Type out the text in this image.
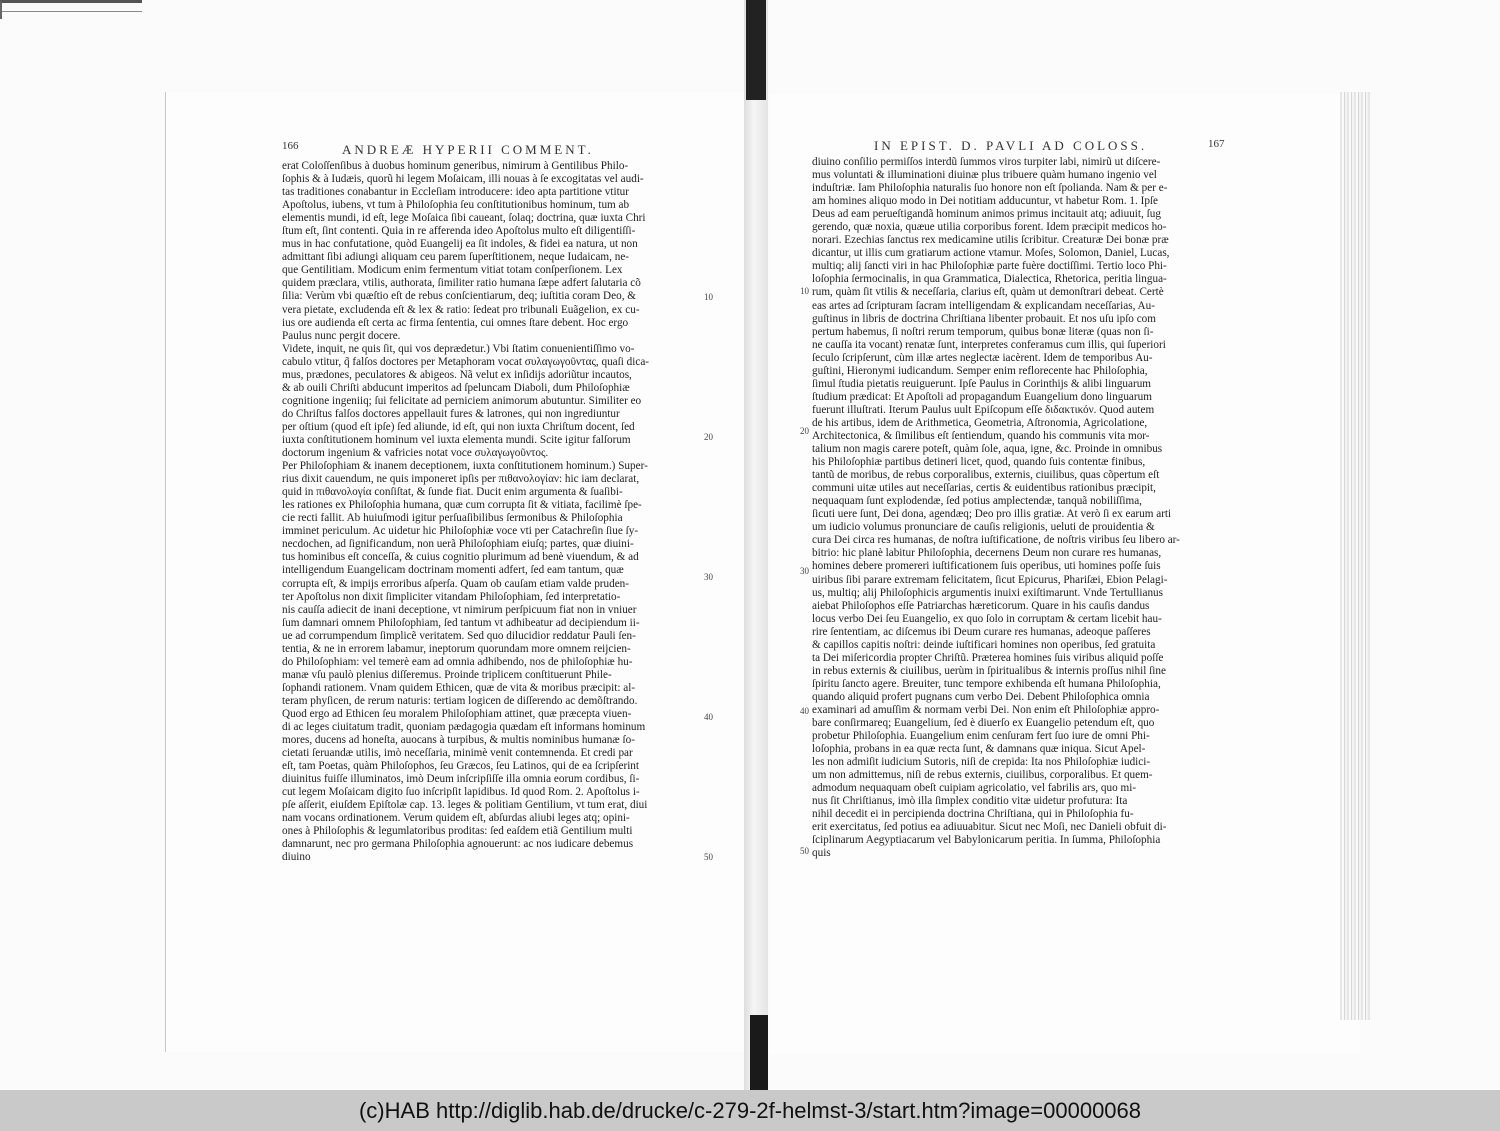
166	ANDREÆ HYPERII COMMENT.
erat Coloſſenſibus à duobus hominum generibus, nimirum à Gentilibus Philo-
ſophis & à Iudæis, quorũ hi legem Moſaicam, illi nouas à ſe excogitatas vel audi-
tas traditiones conabantur in Eccleſiam introducere: ideo apta partitione vtitur
Apoſtolus, iubens, vt tum à Philoſophia ſeu conſtitutionibus hominum, tum ab
elementis mundi, id eſt, lege Moſaica ſibi caueant, ſolaq; doctrina, quæ iuxta Chri
ſtum eſt, ſint contenti. Quia in re afferenda ideo Apoſtolus multo eſt diligentiſſi-
mus in hac confutatione, quòd Euangelij ea ſit indoles, & fidei ea natura, ut non
admittant ſibi adiungi aliquam ceu parem ſuperſtitionem, neque Iudaicam, ne-
que Gentilitiam. Modicum enim fermentum vitiat totam conſperſionem. Lex
quidem præclara, vtilis, authorata, ſimiliter ratio humana ſæpe adfert ſalutaria cõ
ſilia: Verùm vbi quæſtio eſt de rebus conſcientiarum, deq; iuſtitia coram Deo, &
vera pietate, excludenda eſt & lex & ratio: ſedeat pro tribunali Euãgelion, ex cu-
ius ore audienda eſt certa ac firma ſententia, cui omnes ſtare debent. Hoc ergo
Paulus nunc pergit docere.
Videte, inquit, ne quis ſit, qui vos deprædetur.) Vbi ſtatim conuenientiſſimo vo-
cabulo vtitur, q̃ falſos doctores per Metaphoram vocat συλαγωγοῦντας, quaſi dica-
mus, prædones, peculatores & abigeos. Nã velut ex inſidijs adoriũtur incautos,
& ab ouili Chriſti abducunt imperitos ad ſpeluncam Diaboli, dum Philoſophiæ
cognitione ingeniiq; ſui felicitate ad perniciem animorum abutuntur. Similiter eo
do Chriſtus falſos doctores appellauit fures & latrones, qui non ingrediuntur
per oſtium (quod eſt ipſe) ſed aliunde, id eſt, qui non iuxta Chriſtum docent, ſed
iuxta conſtitutionem hominum vel iuxta elementa mundi. Scite igitur falſorum
doctorum ingenium & vafricies notat voce συλαγωγοῦντος.
Per Philoſophiam & inanem deceptionem, iuxta conſtitutionem hominum.) Super-
rius dixit cauendum, ne quis imponeret ipſis per πιθανολογίαν: hic iam declarat,
quid in πιθανολογία conſiſtat, & ſunde fiat. Ducit enim argumenta & ſuaſibi-
les rationes ex Philoſophia humana, quæ cum corrupta ſit & vitiata, facilimè ſpe-
cie recti fallit. Ab huiuſmodi igitur perſuaſibilibus ſermonibus & Philoſophia
imminet periculum. Ac uidetur hic Philoſophiæ voce vti per Catachreſin ſiue ſy-
necdochen, ad ſignificandum, non uerã Philoſophiam eiuſq; partes, quæ diuini-
tus hominibus eſt conceſſa, & cuius cognitio plurimum ad benè viuendum, & ad
intelligendum Euangelicam doctrinam momenti adfert, ſed eam tantum, quæ
corrupta eſt, & impijs erroribus aſperſa. Quam ob cauſam etiam valde pruden-
ter Apoſtolus non dixit ſimpliciter vitandam Philoſophiam, ſed interpretatio-
nis cauſſa adiecit de inani deceptione, vt nimirum perſpicuum fiat non in vniuer
ſum damnari omnem Philoſophiam, ſed tantum vt adhibeatur ad decipiendum ii-
ue ad corrumpendum ſimplicẽ veritatem. Sed quo dilucidior reddatur Pauli ſen-
tentia, & ne in errorem labamur, ineptorum quorundam more omnem reijcien-
do Philoſophiam: vel temerè eam ad omnia adhibendo, nos de philoſophiæ hu-
manæ vſu paulò plenius diſſeremus. Proinde triplicem conſtituerunt Phile-
ſophandi rationem. Vnam quidem Ethicen, quæ de vita & moribus præcipit: al-
teram phyſicen, de rerum naturis: tertiam logicen de diſſerendo ac demõſtrando.
Quod ergo ad Ethicen ſeu moralem Philoſophiam attinet, quæ præcepta viuen-
di ac leges ciuitatum tradit, quoniam pædagogia quædam eſt informans hominum
mores, ducens ad honeſta, auocans à turpibus, & multis nominibus humanæ ſo-
cietati ſeruandæ utilis, imò neceſſaria, minimè venit contemnenda. Et credi par
eſt, tam Poetas, quàm Philoſophos, ſeu Græcos, ſeu Latinos, qui de ea ſcripſerint
diuinitus fuiſſe illuminatos, imò Deum inſcripſiſſe illa omnia eorum cordibus, ſi-
cut legem Moſaicam digito ſuo inſcripſit lapidibus. Id quod Rom. 2. Apoſtolus i-
pſe aſſerit, eiuſdem Epiſtolæ cap. 13. leges & politiam Gentilium, vt tum erat, diui
nam vocans ordinationem. Verum quidem eſt, abſurdas aliubi leges atq; opini-
ones à Philoſophis & legumlatoribus proditas: ſed eaſdem etiã Gentilium multi
damnarunt, nec pro germana Philoſophia agnouerunt: ac nos iudicare debemus
diuino
10
20
30
40
50
IN EPIST. D. PAVLI AD COLOSS.	167
diuino conſilio permiſſos interdũ ſummos viros turpiter labi, nimirũ ut diſcere-
mus voluntati & illuminationi diuinæ plus tribuere quàm humano ingenio vel
induſtriæ. Iam Philoſophia naturalis ſuo honore non eſt ſpolianda. Nam & per e-
am homines aliquo modo in Dei notitiam adducuntur, vt habetur Rom. 1. Ipſe
Deus ad eam perueſtigandã hominum animos primus incitauit atq; adiuuit, ſug
gerendo, quæ noxia, quæue utilia corporibus forent. Idem præcipit medicos ho-
norari. Ezechias ſanctus rex medicamine utilis ſcribitur. Creaturæ Dei bonæ præ
dicantur, ut illis cum gratiarum actione vtamur. Moſes, Solomon, Daniel, Lucas,
multiq; alij ſancti viri in hac Philoſophiæ parte fuère doctiſſimi. Tertio loco Phi-
loſophia ſermocinalis, in qua Grammatica, Dialectica, Rhetorica, peritia lingua-
rum, quàm ſit vtilis & neceſſaria, clarius eſt, quàm ut demonſtrari debeat. Certè
eas artes ad ſcripturam ſacram intelligendam & explicandam neceſſarias, Au-
guſtinus in libris de doctrina Chriſtiana libenter probauit. Et nos uſu ipſo com
pertum habemus, ſi noſtri rerum temporum, quibus bonæ literæ (quas non ſi-
ne cauſſa ita vocant) renatæ ſunt, interpretes conferamus cum illis, qui ſuperiori
ſeculo ſcripſerunt, cùm illæ artes neglectæ iacèrent. Idem de temporibus Au-
guſtini, Hieronymi iudicandum. Semper enim reflorecente hac Philoſophia,
ſimul ſtudia pietatis reuiguerunt. Ipſe Paulus in Corinthijs & alibi linguarum
ſtudium prædicat: Et Apoſtoli ad propagandum Euangelium dono linguarum
fuerunt illuſtrati. Iterum Paulus uult Epiſcopum eſſe διδακτικόν. Quod autem
de his artibus, idem de Arithmetica, Geometria, Aſtronomia, Agricolatione,
Architectonica, & ſimilibus eſt ſentiendum, quando his communis vita mor-
talium non magis carere poteſt, quàm ſole, aqua, igne, &c. Proinde in omnibus
his Philoſophiæ partibus detineri licet, quod, quando ſuis contentæ finibus,
tantũ de moribus, de rebus corporalibus, externis, ciuilibus, quas cõpertum eſt
communi uitæ utiles aut neceſſarias, certis & euidentibus rationibus præcipit,
nequaquam ſunt explodendæ, ſed potius amplectendæ, tanquã nobiliſſima,
ſicuti uere ſunt, Dei dona, agendæq; Deo pro illis gratiæ. At verò ſi ex earum arti
um iudicio volumus pronunciare de cauſis religionis, ueluti de prouidentia &
cura Dei circa res humanas, de noſtra iuſtificatione, de noſtris viribus ſeu libero ar-
bitrio: hic planè labitur Philoſophia, decernens Deum non curare res humanas,
homines debere promereri iuſtificationem ſuis operibus, uti homines poſſe ſuis
uiribus ſibi parare extremam felicitatem, ſicut Epicurus, Phariſæi, Ebion Pelagi-
us, multiq; alij Philoſophicis argumentis inuixi exiſtimarunt. Vnde Tertullianus
aiebat Philoſophos eſſe Patriarchas hæreticorum. Quare in his cauſis dandus
locus verbo Dei ſeu Euangelio, ex quo ſolo in corruptam & certam licebit hau-
rire ſententiam, ac diſcemus ibi Deum curare res humanas, adeoque paſſeres
& capillos capitis noſtri: deinde iuſtificari homines non operibus, ſed gratuita
ta Dei miſericordia propter Chriſtũ. Præterea homines ſuis viribus aliquid poſſe
in rebus externis & ciuilibus, uerùm in ſpiritualibus & internis proſſus nihil ſine
ſpiritu ſancto agere. Breuiter, tunc tempore exhibenda eſt humana Philoſophia,
quando aliquid profert pugnans cum verbo Dei. Debent Philoſophica omnia
examinari ad amuſſim & normam verbi Dei. Non enim eſt Philoſophiæ appro-
bare conſirmareq; Euangelium, ſed è diuerſo ex Euangelio petendum eſt, quo
probetur Philoſophia. Euangelium enim cenſuram fert ſuo iure de omni Phi-
loſophia, probans in ea quæ recta ſunt, & damnans quæ iniqua. Sicut Apel-
les non admiſit iudicium Sutoris, niſi de crepida: Ita nos Philoſophiæ iudici-
um non admittemus, niſi de rebus externis, ciuilibus, corporalibus. Et quem-
admodum nequaquam obeſt cuipiam agricolatio, vel fabrilis ars, quo mi-
nus ſit Chriſtianus, imò illa ſimplex conditio vitæ uidetur profutura: Ita
nihil decedit ei in percipienda doctrina Chriſtiana, qui in Philoſophia fu-
erit exercitatus, ſed potius ea adiuuabitur. Sicut nec Moſi, nec Danieli obfuit di-
ſciplinarum Aegyptiacarum vel Babylonicarum peritia. In ſumma, Philoſophia
quis
10
20
30
40
50
(c)HAB http://diglib.hab.de/drucke/c-279-2f-helmst-3/start.htm?image=00000068
